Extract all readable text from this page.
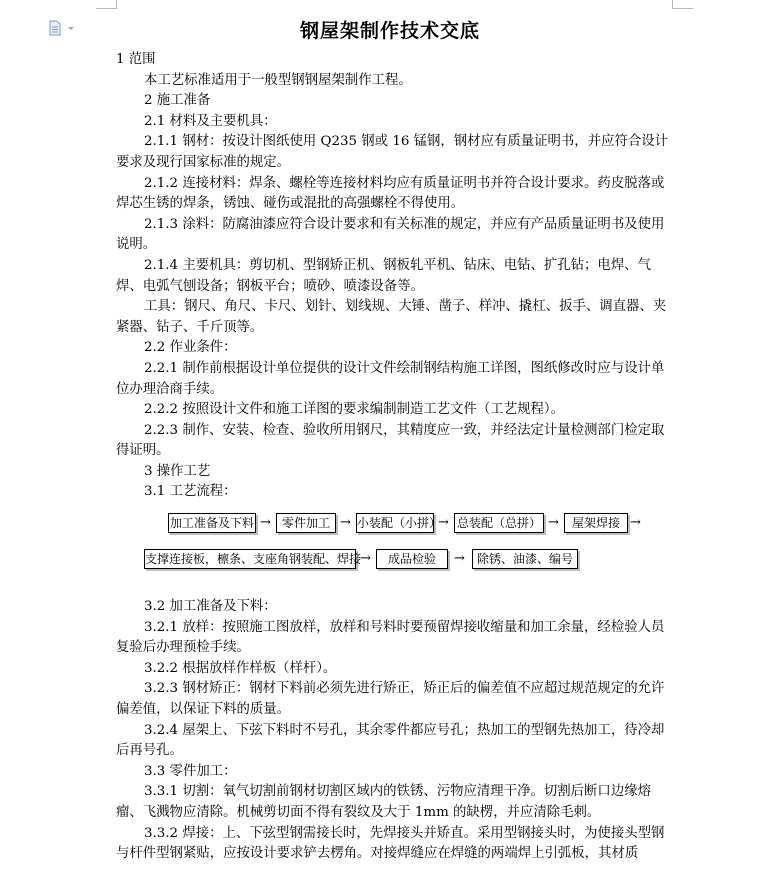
钢屋架制作技术交底

1 范围

本工艺标准适用于一般型钢钢屋架制作工程。

2 施工准备

2.1 材料及主要机具：

2.1.1 钢材：按设计图纸使用 Q235 钢或 16 锰钢，钢材应有质量证明书，并应符合设计要求及现行国家标准的规定。

2.1.2 连接材料：焊条、螺栓等连接材料均应有质量证明书并符合设计要求。药皮脱落或焊芯生锈的焊条，锈蚀、碰伤或混批的高强螺栓不得使用。

2.1.3 涂料：防腐油漆应符合设计要求和有关标准的规定，并应有产品质量证明书及使用说明。

2.1.4 主要机具：剪切机、型钢矫正机、钢板轧平机、钻床、电钻、扩孔钻；电焊、气焊、电弧气刨设备；钢板平台；喷砂、喷漆设备等。

工具：钢尺、角尺、卡尺、划针、划线规、大锤、凿子、样冲、撬杠、扳手、调直器、夹紧器、钻子、千斤顶等。

2.2 作业条件：

2.2.1 制作前根据设计单位提供的设计文件绘制钢结构施工详图，图纸修改时应与设计单位办理洽商手续。

2.2.2 按照设计文件和施工详图的要求编制制造工艺文件（工艺规程）。

2.2.3 制作、安装、检查、验收所用钢尺，其精度应一致，并经法定计量检测部门检定取得证明。

3 操作工艺

3.1 工艺流程：

加工准备及下料 → 零件加工 → 小装配（小拼）
→ 总装配（总拼） →	屋架焊接 →
支撑连接板，檩条、支座角钢装配、焊接
→	成品检验	→	除锈、油漆、编号

3.2 加工准备及下料：

3.2.1 放样：按照施工图放样，放样和号料时要预留焊接收缩量和加工余量，经检验人员复验后办理预检手续。

3.2.2 根据放样作样板（样杆）。

3.2.3 钢材矫正：钢材下料前必须先进行矫正，矫正后的偏差值不应超过规范规定的允许偏差值，以保证下料的质量。

3.2.4 屋架上、下弦下料时不号孔，其余零件都应号孔；热加工的型钢先热加工，待冷却后再号孔。

3.3 零件加工：

3.3.1 切割：氧气切割前钢材切割区域内的铁锈、污物应清理干净。切割后断口边缘熔瘤、飞溅物应清除。机械剪切面不得有裂纹及大于 1mm 的缺楞，并应清除毛刺。

3.3.2 焊接：上、下弦型钢需接长时，先焊接头并矫直。采用型钢接头时，为使接头型钢与杆件型钢紧贴，应按设计要求铲去楞角。对接焊缝应在焊缝的两端焊上引弧板，其材质
